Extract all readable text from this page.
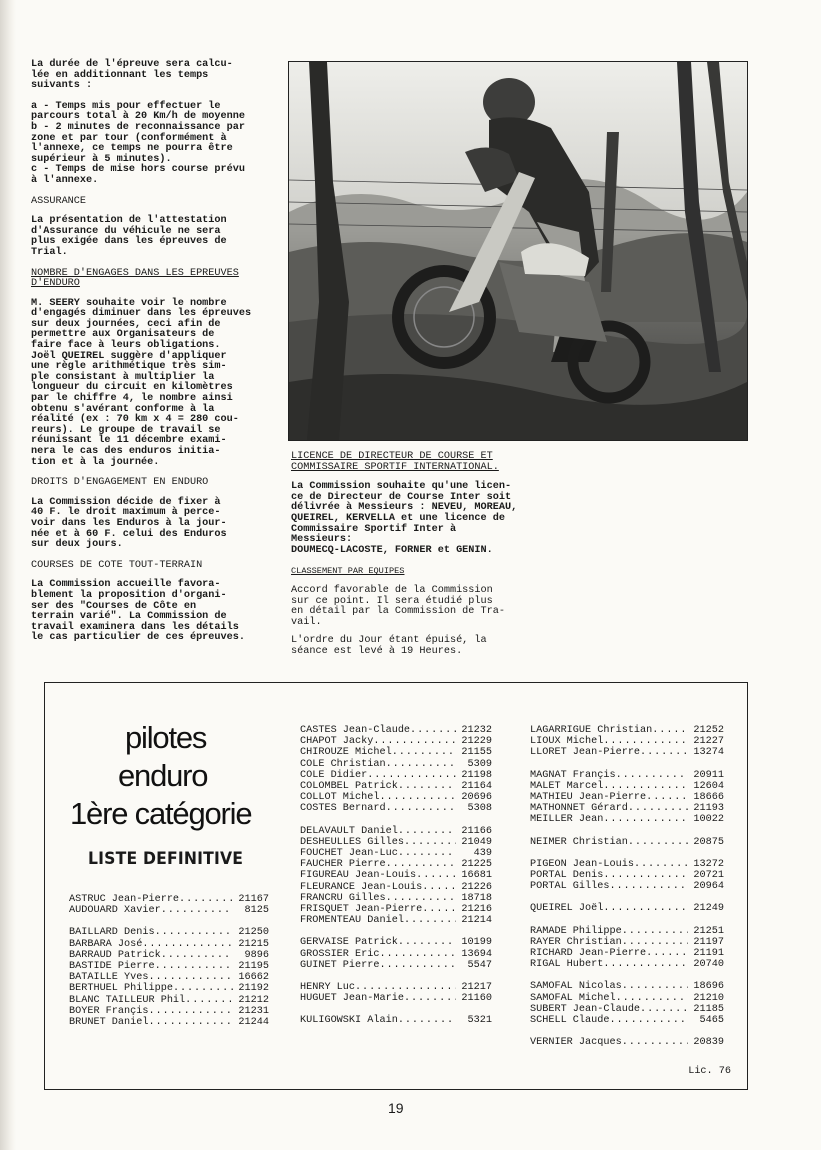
La durée de l'épreuve sera calcu-
lée en additionnant les temps
suivants :

a - Temps mis pour effectuer le
parcours total à 20 Km/h de moyenne

b - 2 minutes de reconnaissance par
zone et par tour (conformément à
l'annexe, ce temps ne pourra être
supérieur à 5 minutes).

c - Temps de mise hors course prévu
à l'annexe.

ASSURANCE

La présentation de l'attestation
d'Assurance du véhicule ne sera
plus exigée dans les épreuves de
Trial.

NOMBRE D'ENGAGES DANS LES EPREUVES
D'ENDURO

M. SEERY souhaite voir le nombre
d'engagés diminuer dans les épreuves
sur deux journées, ceci afin de
permettre aux Organisateurs de
faire face à leurs obligations.
Joël QUEIREL suggère d'appliquer
une règle arithmétique très sim-
ple consistant à multiplier la
longueur du circuit en kilomètres
par le chiffre 4, le nombre ainsi
obtenu s'avérant conforme à la
réalité (ex : 70 km x 4 = 280 cou-
reurs). Le groupe de travail se
réunissant le 11 décembre exami-
nera le cas des enduros initia-
tion et à la journée.

DROITS D'ENGAGEMENT EN ENDURO

La Commission décide de fixer à
40 F. le droit maximum à perce-
voir dans les Enduros à la jour-
née et à 60 F. celui des Enduros
sur deux jours.

COURSES DE COTE TOUT-TERRAIN

La Commission accueille favora-
blement la proposition d'organi-
ser des "Courses de Côte en
terrain varié". La Commission de
travail examinera dans les détails
le cas particulier de ces épreuves.

LICENCE DE DIRECTEUR DE COURSE ET
COMMISSAIRE SPORTIF INTERNATIONAL.

La Commission souhaite qu'une licen-
ce de Directeur de Course Inter soit
délivrée à Messieurs : NEVEU, MOREAU,
QUEIREL, KERVELLA et une licence de
Commissaire Sportif Inter à Messieurs:
DOUMECQ-LACOSTE, FORNER et GENIN.

CLASSEMENT PAR EQUIPES

Accord favorable de la Commission
sur ce point. Il sera étudié plus
en détail par la Commission de Tra-
vail.

L'ordre du Jour étant épuisé, la
séance est levé à 19 Heures.

pilotes
enduro
1ère catégorie
LISTE DEFINITIVE
ASTRUC Jean-Pierre . . .	21167
AUDOUARD Xavier . . .	8125
BAILLARD Denis . . .	21250
BARBARA José . . .	21215
BARRAUD Patrick . . .	9896
BASTIDE Pierre . . .	21195
BATAILLE Yves . . .	16662
BERTHUEL Philippe . . .	21192
BLANC TAILLEUR Phil . . .	21212
BOYER Françis . . .	21231
BRUNET Daniel . . .	21244
CASTES Jean-Claude . . .	21232
CHAPOT Jacky . . .	21229
CHIROUZE Michel . . .	21155
COLE Christian . . .	5309
COLE Didier . . .	21198
COLOMBEL Patrick . . .	21164
COLLOT Michel . . .	20696
COSTES Bernard . . .	5308
DELAVAULT Daniel . . .	21166
DESHEULLES Gilles . . .	21049
FOUCHET Jean-Luc . . .	439
FAUCHER Pierre . . .	21225
FIGUREAU Jean-Louis . . .	16681
FLEURANCE Jean-Louis . . .	21226
FRANCRU Gilles . . .	18718
FRISQUET Jean-Pierre . . .	21216
FROMENTEAU Daniel . . .	21214
GERVAISE Patrick . . .	10199
GROSSIER Eric . . .	13694
GUINET Pierre . . .	5547
HENRY Luc . . .	21217
HUGUET Jean-Marie . . .	21160
KULIGOWSKI Alain . . .	5321
LAGARRIGUE Christian . . .	21252
LIOUX Michel . . .	21227
LLORET Jean-Pierre . . .	13274
MAGNAT Françis . . .	20911
MALET Marcel . . .	12604
MATHIEU Jean-Pierre . . .	18666
MATHONNET Gérard . . .	21193
MEILLER Jean . . .	10022
NEIMER Christian . . .	20875
PIGEON Jean-Louis . . .	13272
PORTAL Denis . . .	20721
PORTAL Gilles . . .	20964
QUEIREL Joël . . .	21249
RAMADE Philippe . . .	21251
RAYER Christian . . .	21197
RICHARD Jean-Pierre . . .	21191
RIGAL Hubert . . .	20740
SAMOFAL Nicolas . . .	18696
SAMOFAL Michel . . .	21210
SUBERT Jean-Claude . . .	21185
SCHELL Claude . . .	5465
VERNIER Jacques . . .	20839
Lic. 76
19
